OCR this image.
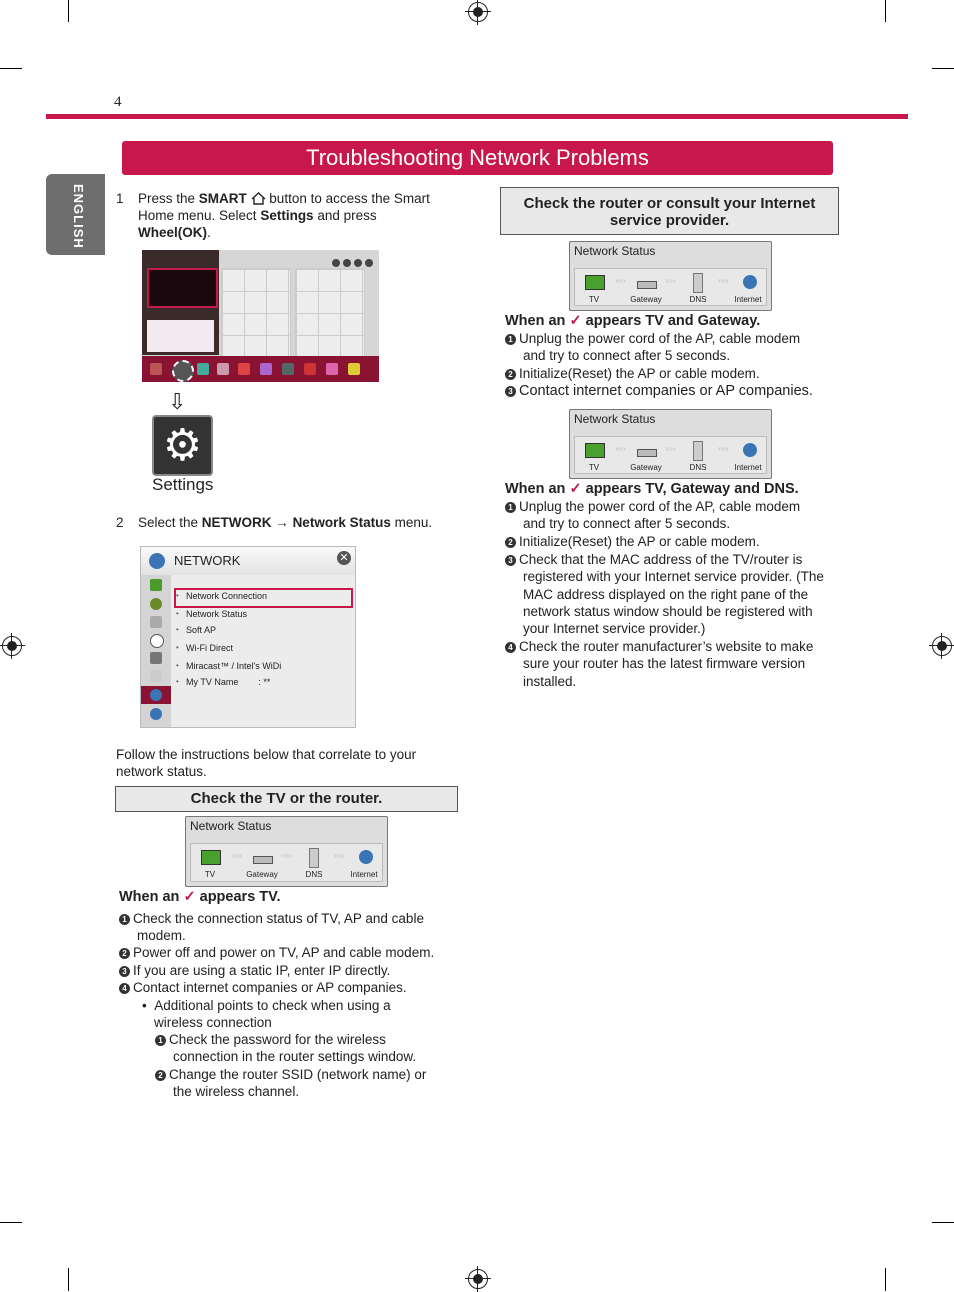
4
Troubleshooting Network Problems
ENGLISH 1 Press the SMART  button to access the Smart
Home menu. Select Settings and press
Wheel(OK).
⇩
⚙
Settings
2 Select the NETWORK → Network Status menu.
NETWORK	✕
• Network Connection
• Network Status
• Soft AP
• Wi-Fi Direct
• Miracast™ / Intel's WiDi
• My TV Name        : **
Follow the instructions below that correlate to your
network status.
Check the TV or the router.
Network Status
››››	››››	››››
TV	Gateway	DNS	Internet
When an ✓ appears TV.
1 Check the connection status of TV, AP and cable
modem.
2 Power off and power on TV, AP and cable modem.
3 If you are using a static IP, enter IP directly.
4 Contact internet companies or AP companies.
•  Additional points to check when using a
wireless connection
1 Check the password for the wireless
connection in the router settings window.
2 Change the router SSID (network name) or
the wireless channel.
Check the router or consult your Internet
service provider.
Network Status
››››	››››	››››
TV	Gateway	DNS	Internet
When an ✓ appears TV and Gateway.
1 Unplug the power cord of the AP, cable modem
and try to connect after 5 seconds.
2 Initialize(Reset) the AP or cable modem.
3 Contact internet companies or AP companies.
Network Status
››››	››››	››››
TV	Gateway	DNS	Internet
When an ✓ appears TV, Gateway and DNS.
1 Unplug the power cord of the AP, cable modem
and try to connect after 5 seconds.
2 Initialize(Reset) the AP or cable modem.
3 Check that the MAC address of the TV/router is
registered with your Internet service provider. (The
MAC address displayed on the right pane of the
network status window should be registered with
your Internet service provider.)
4 Check the router manufacturer’s website to make
sure your router has the latest firmware version
installed.
